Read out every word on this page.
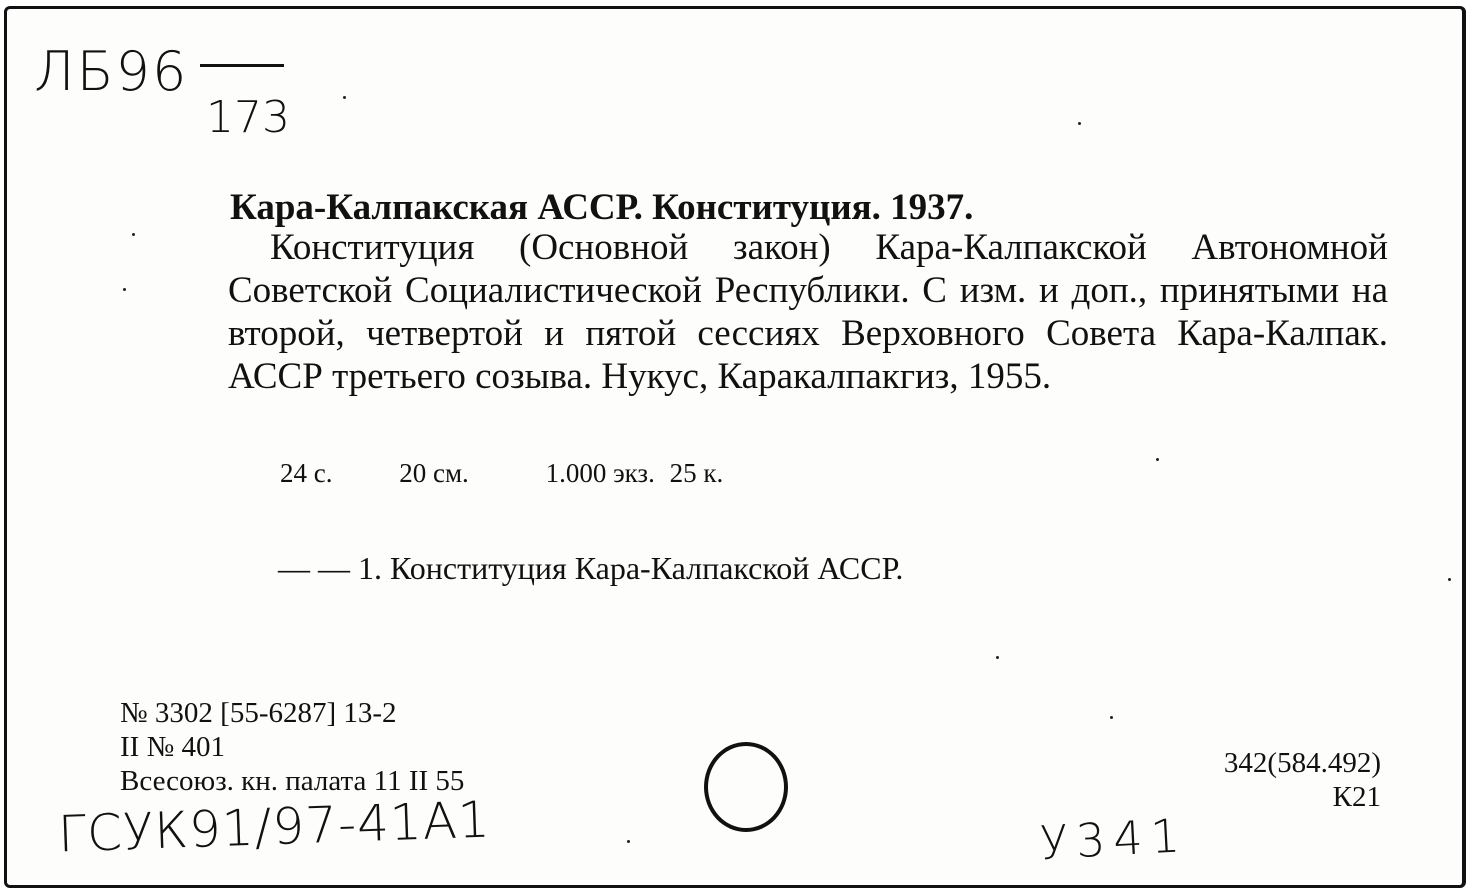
ЛБ96
173
Кара-Калпакская АССР. Конституция. 1937.
Конституция (Основной закон) Кара-Калпакской Автономной Советской Социалистической Республики. С изм. и доп., принятыми на второй, четвертой и пятой сессиях Верховного Совета Кара-Калпак. АССР третьего созыва. Нукус, Каракалпакгиз, 1955.
24 с. 20 см.	1.000 экз. 25 к.
— — 1. Конституция Кара-Калпакской АССР.
№ 3302 [55-6287] 13-2
II № 401
Всесоюз. кн. палата 11 II 55
342(584.492)
К21
ГСУК91/97-41А1	У341
